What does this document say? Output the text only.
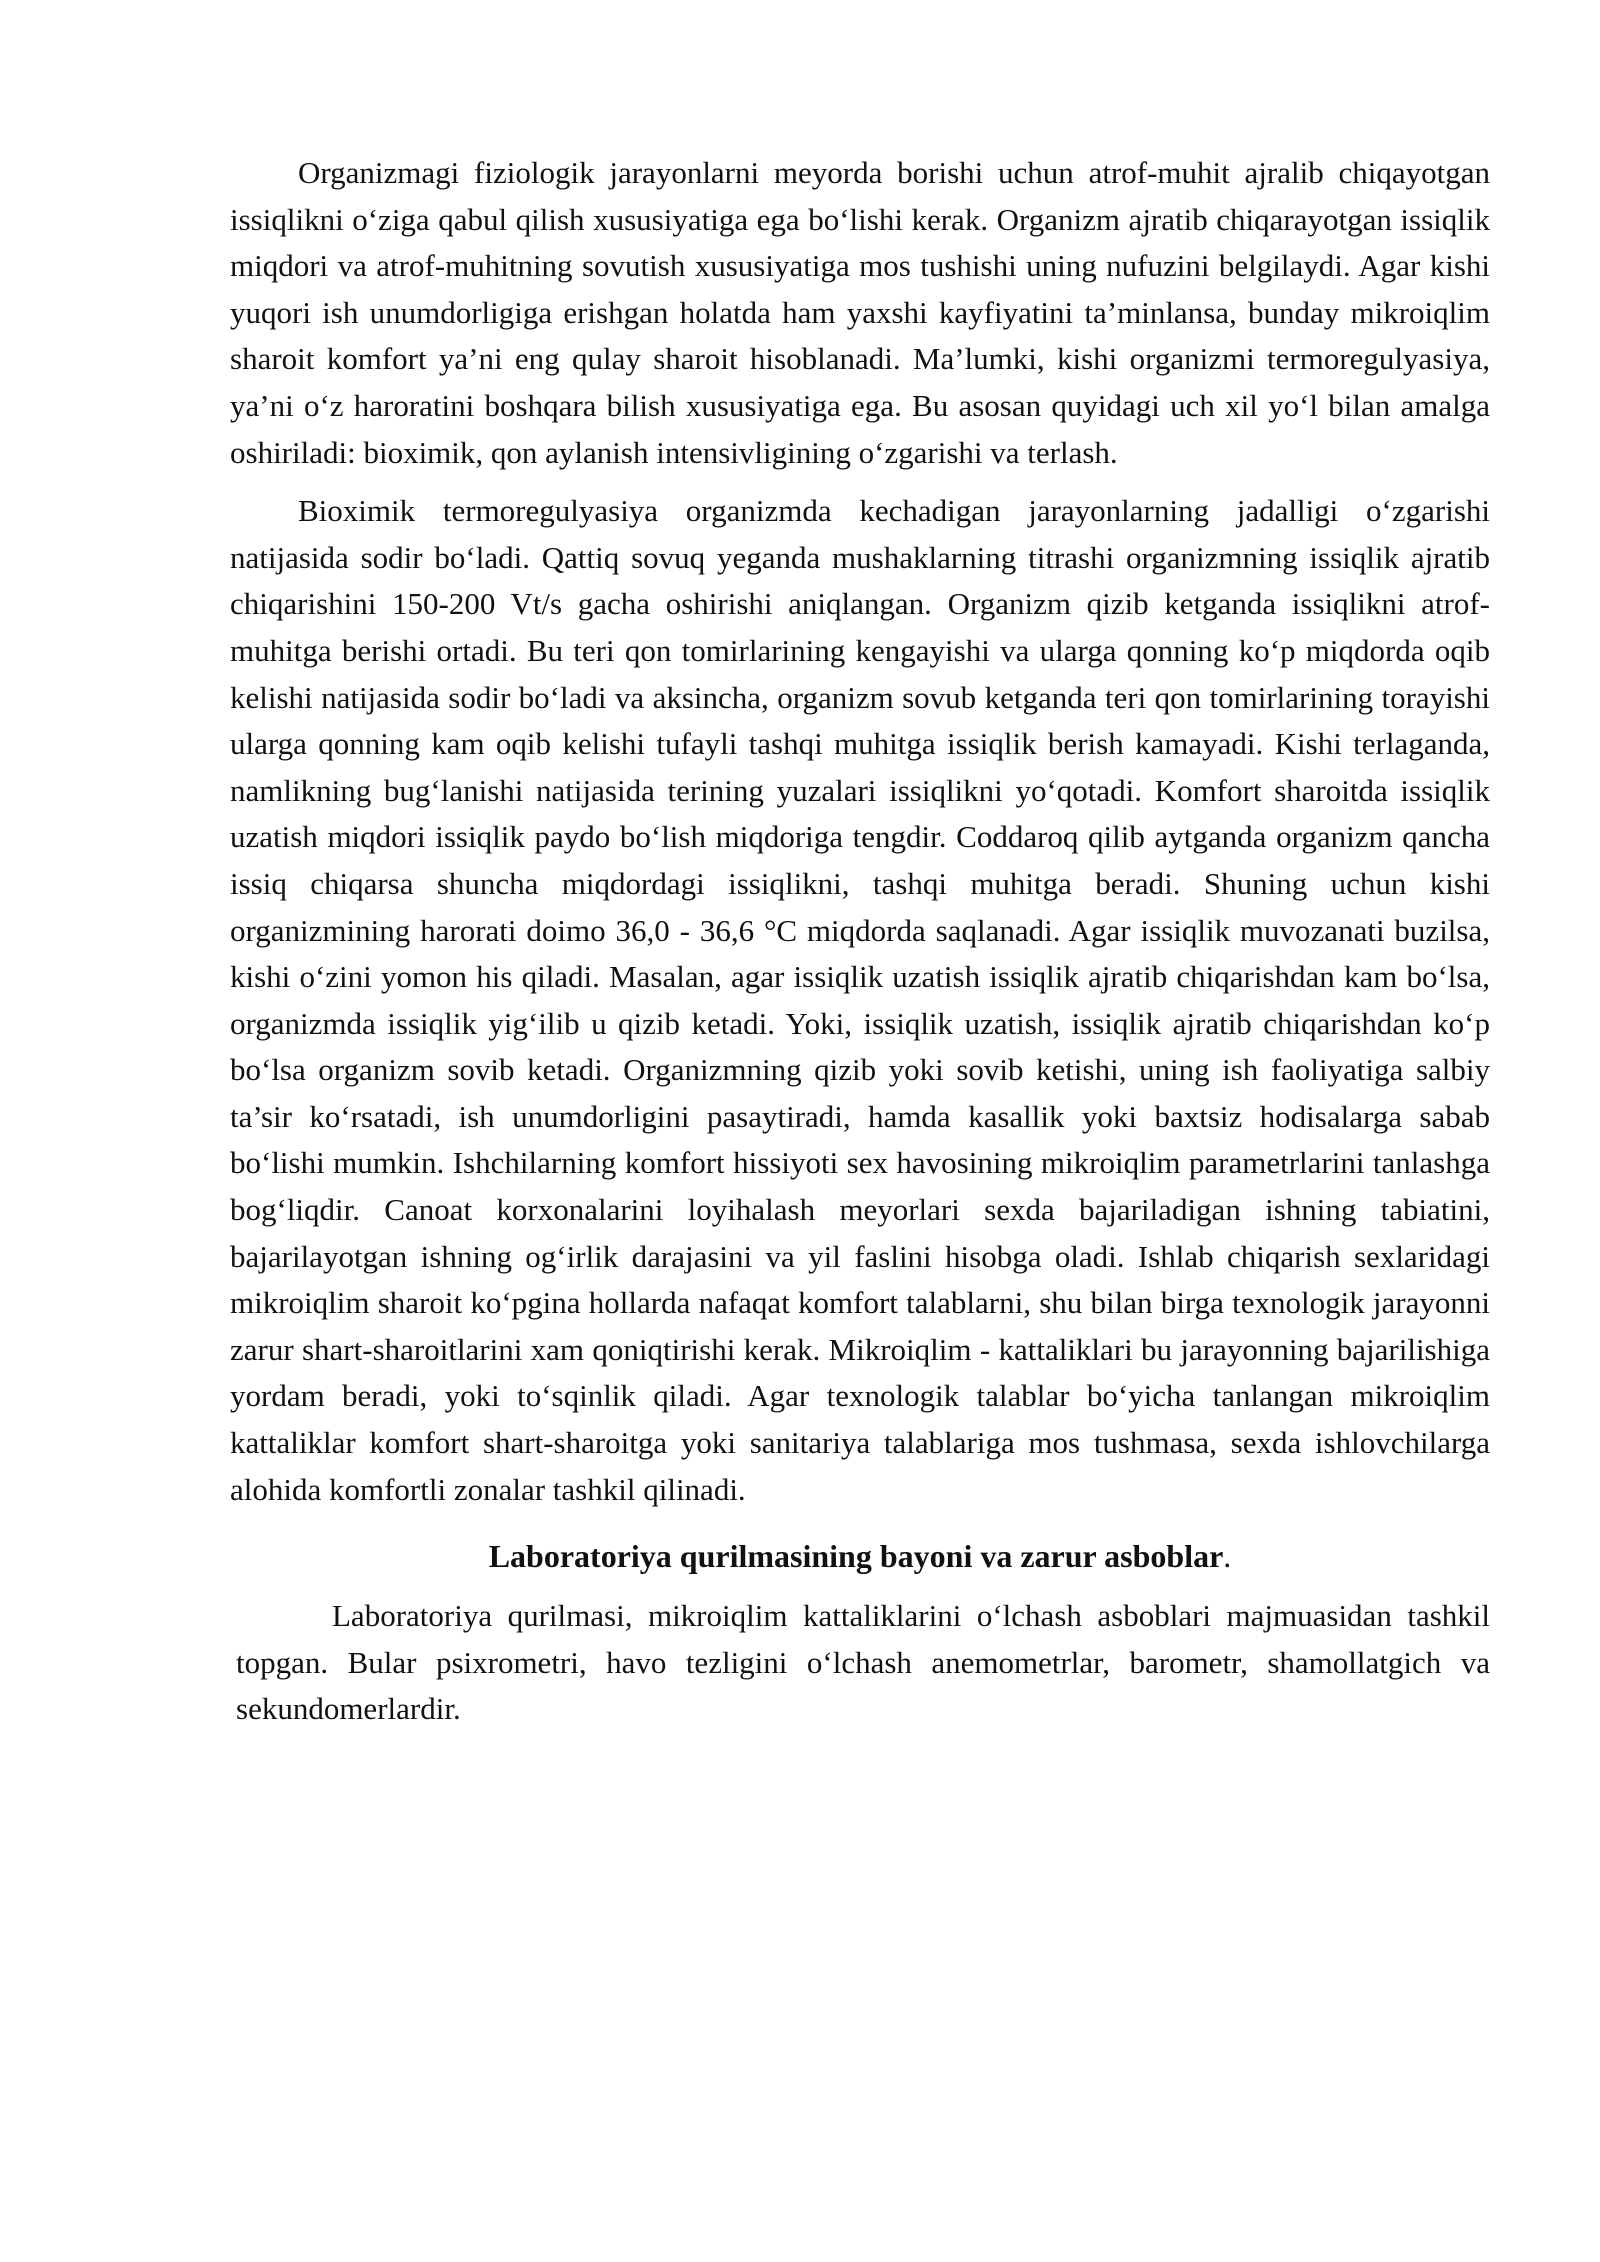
Organizmagi fiziologik jarayonlarni meyorda borishi uchun atrof-muhit ajralib chiqayotgan issiqlikni o‘ziga qabul qilish xususiyatiga ega bo‘lishi kerak. Organizm ajratib chiqarayotgan issiqlik miqdori va atrof-muhitning sovutish xususiyatiga mos tushishi uning nufuzini belgilaydi. Agar kishi yuqori ish unumdorligiga erishgan holatda ham yaxshi kayfiyatini ta’minlansa, bunday mikroiqlim sharoit komfort ya’ni eng qulay sharoit hisoblanadi. Ma’lumki, kishi organizmi termoregulyasiya, ya’ni o‘z haroratini boshqara bilish xususiyatiga ega. Bu asosan quyidagi uch xil yo‘l bilan amalga oshiriladi: bioximik, qon aylanish intensivligining o‘zgarishi va terlash.

Bioximik termoregulyasiya organizmda kechadigan jarayonlarning jadalligi o‘zgarishi natijasida sodir bo‘ladi. Qattiq sovuq yeganda mushaklarning titrashi organizmning issiqlik ajratib chiqarishini 150-200 Vt/s gacha oshirishi aniqlangan. Organizm qizib ketganda issiqlikni atrof-muhitga berishi ortadi. Bu teri qon tomirlarining kengayishi va ularga qonning ko‘p miqdorda oqib kelishi natijasida sodir bo‘ladi va aksincha, organizm sovub ketganda teri qon tomirlarining torayishi ularga qonning kam oqib kelishi tufayli tashqi muhitga issiqlik berish kamayadi. Kishi terlaganda, namlikning bug‘lanishi natijasida terining yuzalari issiqlikni yo‘qotadi. Komfort sharoitda issiqlik uzatish miqdori issiqlik paydo bo‘lish miqdoriga tengdir. Coddaroq qilib aytganda organizm qancha issiq chiqarsa shuncha miqdordagi issiqlikni, tashqi muhitga beradi. Shuning uchun kishi organizmining harorati doimo 36,0 - 36,6 °C miqdorda saqlanadi. Agar issiqlik muvozanati buzilsa, kishi o‘zini yomon his qiladi. Masalan, agar issiqlik uzatish issiqlik ajratib chiqarishdan kam bo‘lsa, organizmda issiqlik yig‘ilib u qizib ketadi. Yoki, issiqlik uzatish, issiqlik ajratib chiqarishdan ko‘p bo‘lsa organizm sovib ketadi. Organizmning qizib yoki sovib ketishi, uning ish faoliyatiga salbiy ta’sir ko‘rsatadi, ish unumdorligini pasaytiradi, hamda kasallik yoki baxtsiz hodisalarga sabab bo‘lishi mumkin. Ishchilarning komfort hissiyoti sex havosining mikroiqlim parametrlarini tanlashga bog‘liqdir. Canoat korxonalarini loyihalash meyorlari sexda bajariladigan ishning tabiatini, bajarilayotgan ishning og‘irlik darajasini va yil faslini hisobga oladi. Ishlab chiqarish sexlaridagi mikroiqlim sharoit ko‘pgina hollarda nafaqat komfort talablarni, shu bilan birga texnologik jarayonni zarur shart-sharoitlarini xam qoniqtirishi kerak. Mikroiqlim - kattaliklari bu jarayonning bajarilishiga yordam beradi, yoki to‘sqinlik qiladi. Agar texnologik talablar bo‘yicha tanlangan mikroiqlim kattaliklar komfort shart-sharoitga yoki sanitariya talablariga mos tushmasa, sexda ishlovchilarga alohida komfortli zonalar tashkil qilinadi.

Laboratoriya qurilmasining bayoni va zarur asboblar.

Laboratoriya qurilmasi, mikroiqlim kattaliklarini o‘lchash asboblari majmuasidan tashkil topgan. Bular psixrometri, havo tezligini o‘lchash anemometrlar, barometr, shamollatgich va sekundomerlardir.
